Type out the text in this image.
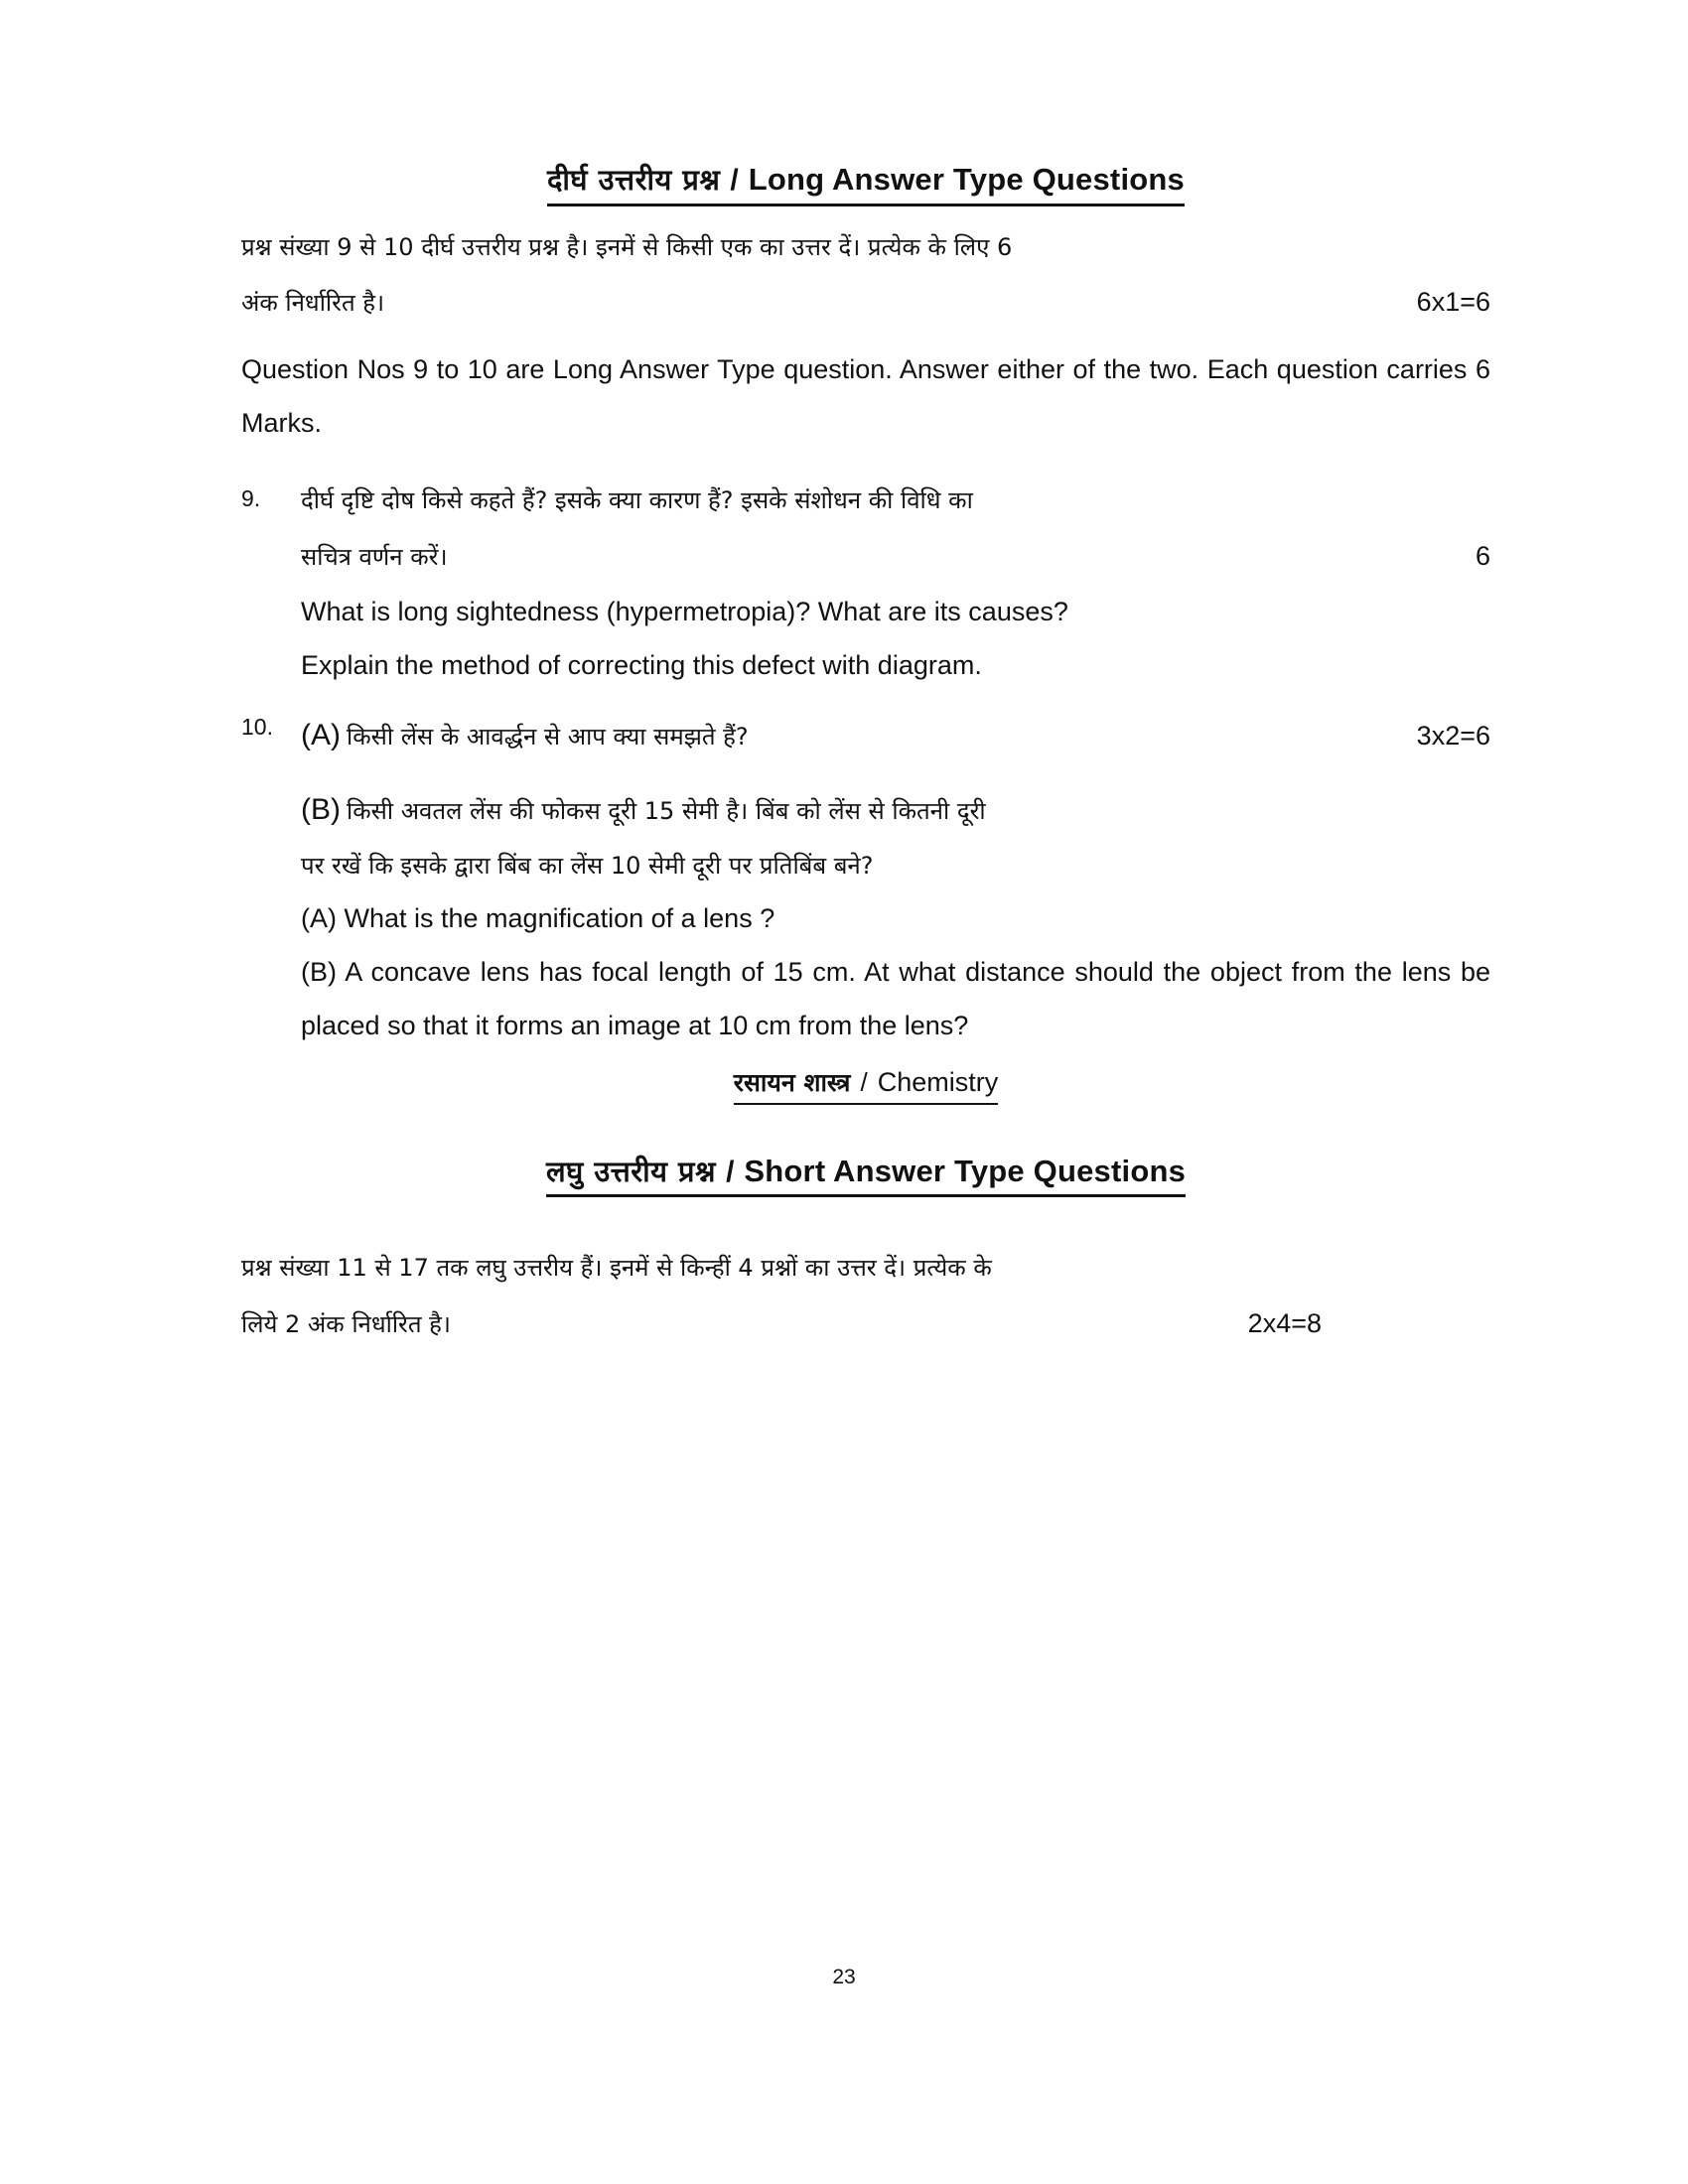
दीर्घ उत्तरीय प्रश्न / Long Answer Type Questions

प्रश्न संख्या 9 से 10 दीर्घ उत्तरीय प्रश्न है। इनमें से किसी एक का उत्तर दें। प्रत्येक के लिए 6

अंक निर्धारित है।	6x1=6

Question Nos 9 to 10 are Long Answer Type question. Answer either of the two. Each question carries 6 Marks.

9.	दीर्घ दृष्टि दोष किसे कहते हैं? इसके क्या कारण हैं? इसके संशोधन की विधि का

सचित्र वर्णन करें।	6

What is long sightedness (hypermetropia)? What are its causes?

Explain the method of correcting this defect with diagram.

10. (A) किसी लेंस के आवर्द्धन से आप क्या समझते हैं?	3x2=6

(B) किसी अवतल लेंस की फोकस दूरी 15 सेमी है। बिंब को लेंस से कितनी दूरी

पर रखें कि इसके द्वारा बिंब का लेंस 10 सेमी दूरी पर प्रतिबिंब बने?

(A) What is the magnification of a lens ?

(B) A concave lens has focal length of 15 cm. At what distance should the object from the lens be placed so that it forms an image at 10 cm from the lens?

रसायन शास्त्र / Chemistry
लघु उत्तरीय प्रश्न / Short Answer Type Questions

प्रश्न संख्या 11 से 17 तक लघु उत्तरीय हैं। इनमें से किन्हीं 4 प्रश्नों का उत्तर दें। प्रत्येक के

लिये 2 अंक निर्धारित है।	2x4=8
23
